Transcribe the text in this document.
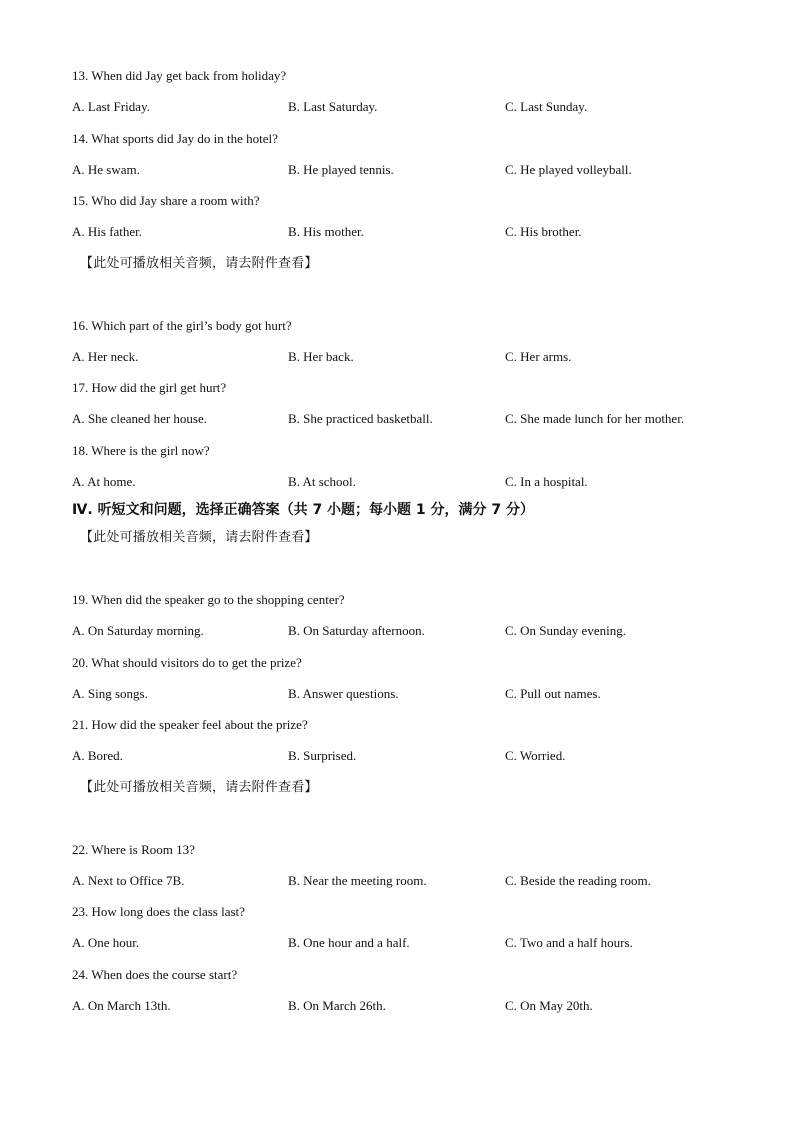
13. When did Jay get back from holiday?
A. Last Friday.	B. Last Saturday.	C. Last Sunday.
14. What sports did Jay do in the hotel?
A. He swam.	B. He played tennis.	C. He played volleyball.
15. Who did Jay share a room with?
A. His father.	B. His mother.	C. His brother.
【此处可播放相关音频，请去附件查看】
16. Which part of the girl’s body got hurt?
A. Her neck.	B. Her back.	C. Her arms.
17. How did the girl get hurt?
A. She cleaned her house.	B. She practiced basketball.	C. She made lunch for her mother.
18. Where is the girl now?
A. At home.	B. At school.	C. In a hospital.
Ⅳ. 听短文和问题，选择正确答案（共 7 小题；每小题 1 分，满分 7 分）
【此处可播放相关音频，请去附件查看】
19. When did the speaker go to the shopping center?
A. On Saturday morning.	B. On Saturday afternoon.	C. On Sunday evening.
20. What should visitors do to get the prize?
A. Sing songs.	B. Answer questions.	C. Pull out names.
21. How did the speaker feel about the prize?
A. Bored.	B. Surprised.	C. Worried.
【此处可播放相关音频，请去附件查看】
22. Where is Room 13?
A. Next to Office 7B.	B. Near the meeting room.	C. Beside the reading room.
23. How long does the class last?
A. One hour.	B. One hour and a half.	C. Two and a half hours.
24. When does the course start?
A. On March 13th.	B. On March 26th.	C. On May 20th.
